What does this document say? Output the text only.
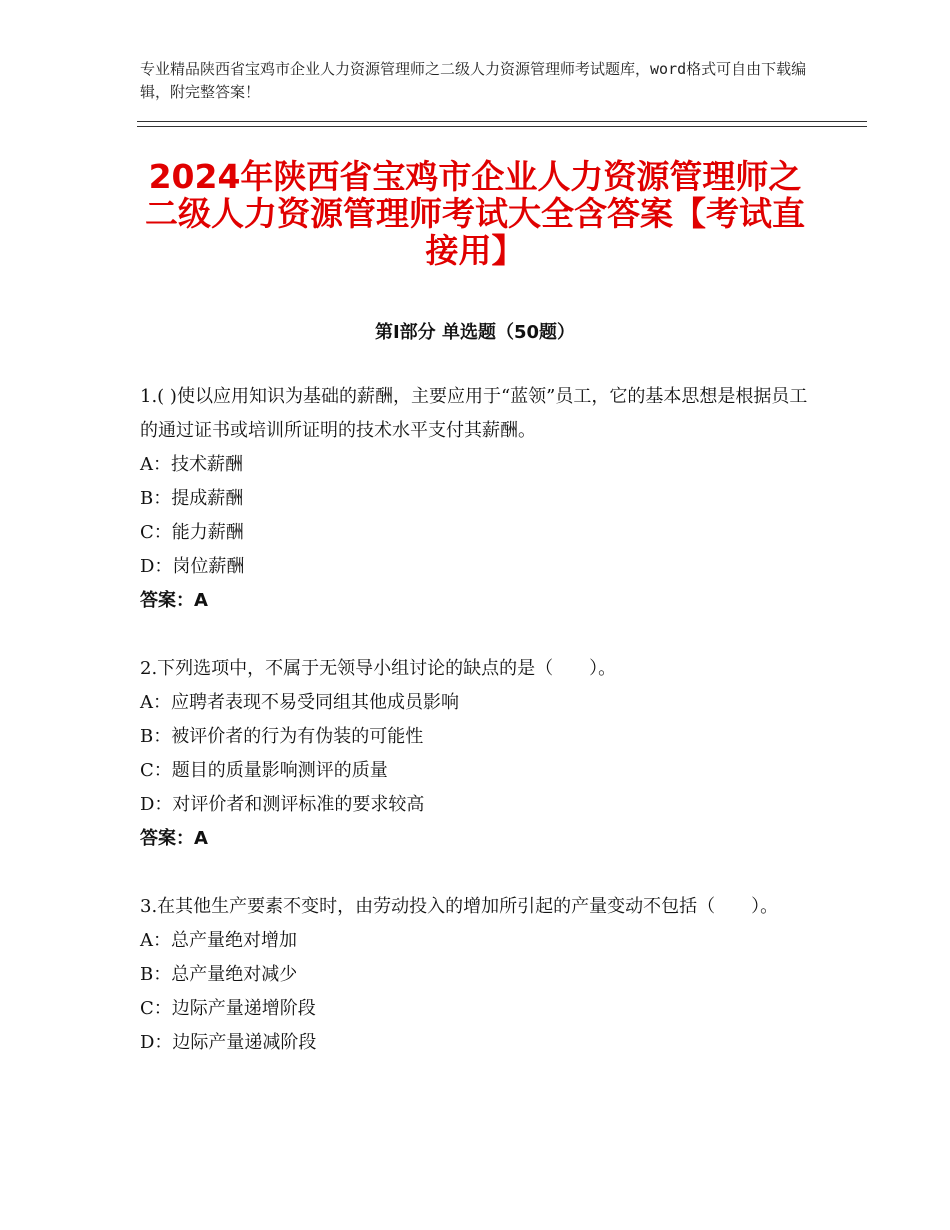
专业精品陕西省宝鸡市企业人力资源管理师之二级人力资源管理师考试题库，word格式可自由下载编辑，附完整答案！
2024年陕西省宝鸡市企业人力资源管理师之二级人力资源管理师考试大全含答案【考试直接用】
第Ⅰ部分 单选题（50题）
1.( )使以应用知识为基础的薪酬，主要应用于“蓝领”员工，它的基本思想是根据员工的通过证书或培训所证明的技术水平支付其薪酬。
A：技术薪酬
B：提成薪酬
C：能力薪酬
D：岗位薪酬
答案：A
2.下列选项中，不属于无领导小组讨论的缺点的是（　　）。
A：应聘者表现不易受同组其他成员影响
B：被评价者的行为有伪装的可能性
C：题目的质量影响测评的质量
D：对评价者和测评标准的要求较高
答案：A
3.在其他生产要素不变时，由劳动投入的增加所引起的产量变动不包括（　　）。
A：总产量绝对增加
B：总产量绝对减少
C：边际产量递增阶段
D：边际产量递减阶段
